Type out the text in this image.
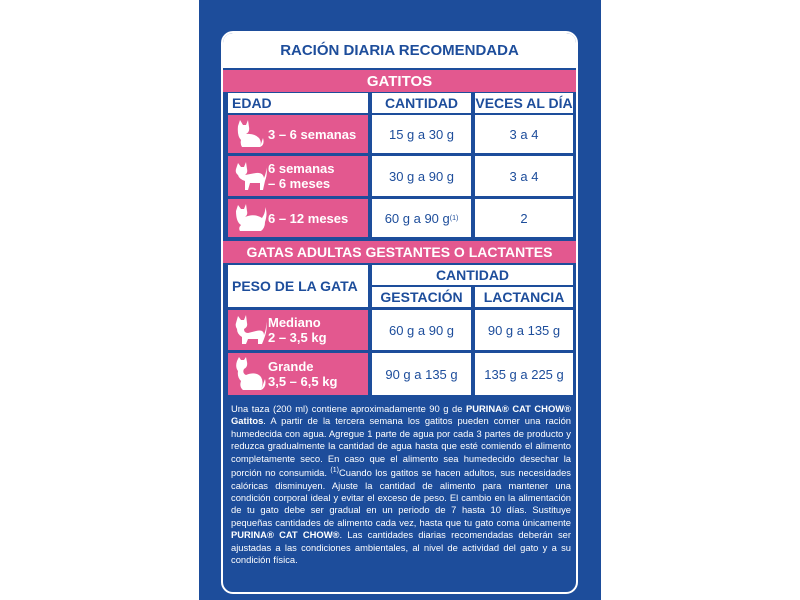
RACIÓN DIARIA RECOMENDADA
GATITOS
EDAD	CANTIDAD	VECES AL DÍA
3 – 6 semanas	15 g a 30 g	3 a 4
6 semanas
– 6 meses	30 g a 90 g	3 a 4
6 – 12 meses	60 g a 90 g (1)	2
GATAS ADULTAS GESTANTES O LACTANTES
PESO DE LA GATA
CANTIDAD
GESTACIÓN	LACTANCIA
Mediano
2 – 3,5 kg	60 g a 90 g	90 g a 135 g
Grande
3,5 – 6,5 kg	90 g a 135 g	135 g a 225 g
Una taza (200 ml) contiene aproximadamente 90 g de PURINA® CAT CHOW® Gatitos. A partir de la tercera semana los gatitos pueden comer una ración humedecida con agua. Agregue 1 parte de agua por cada 3 partes de producto y reduzca gradualmente la cantidad de agua hasta que esté comiendo el alimento completamente seco. En caso que el alimento sea humedecido desechar la porción no consumida. $^{(1)}$Cuando los gatitos se hacen adultos, sus necesidades calóricas disminuyen. Ajuste la cantidad de alimento para mantener una condición corporal ideal y evitar el exceso de peso. El cambio en la alimentación de tu gato debe ser gradual en un periodo de 7 hasta 10 días. Sustituye pequeñas cantidades de alimento cada vez, hasta que tu gato coma únicamente PURINA® CAT CHOW®. Las cantidades diarias recomendadas deberán ser ajustadas a las condiciones ambientales, al nivel de actividad del gato y a su condición física.
